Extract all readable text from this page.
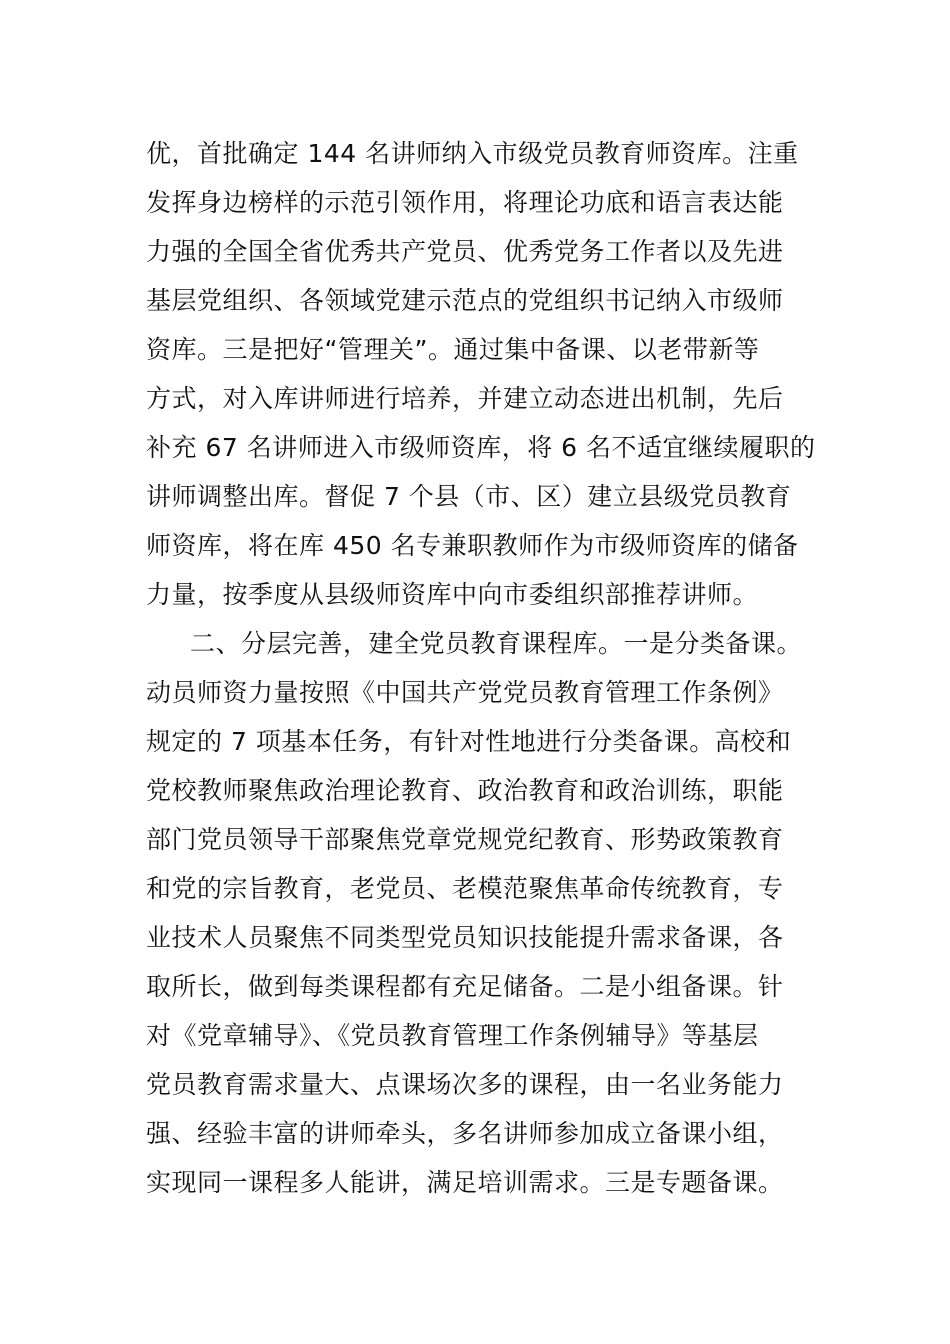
优，首批确定 144 名讲师纳入市级党员教育师资库。注重
发挥身边榜样的示范引领作用，将理论功底和语言表达能
力强的全国全省优秀共产党员、优秀党务工作者以及先进
基层党组织、各领域党建示范点的党组织书记纳入市级师
资库。三是把好“管理关”。通过集中备课、以老带新等
方式，对入库讲师进行培养，并建立动态进出机制，先后
补充 67 名讲师进入市级师资库，将 6 名不适宜继续履职的
讲师调整出库。督促 7 个县（市、区）建立县级党员教育
师资库，将在库 450 名专兼职教师作为市级师资库的储备
力量，按季度从县级师资库中向市委组织部推荐讲师。
二、分层完善，建全党员教育课程库。一是分类备课。
动员师资力量按照《中国共产党党员教育管理工作条例》
规定的 7 项基本任务，有针对性地进行分类备课。高校和
党校教师聚焦政治理论教育、政治教育和政治训练，职能
部门党员领导干部聚焦党章党规党纪教育、形势政策教育
和党的宗旨教育，老党员、老模范聚焦革命传统教育，专
业技术人员聚焦不同类型党员知识技能提升需求备课，各
取所长，做到每类课程都有充足储备。二是小组备课。针
对《党章辅导》、《党员教育管理工作条例辅导》等基层
党员教育需求量大、点课场次多的课程，由一名业务能力
强、经验丰富的讲师牵头，多名讲师参加成立备课小组，
实现同一课程多人能讲，满足培训需求。三是专题备课。
